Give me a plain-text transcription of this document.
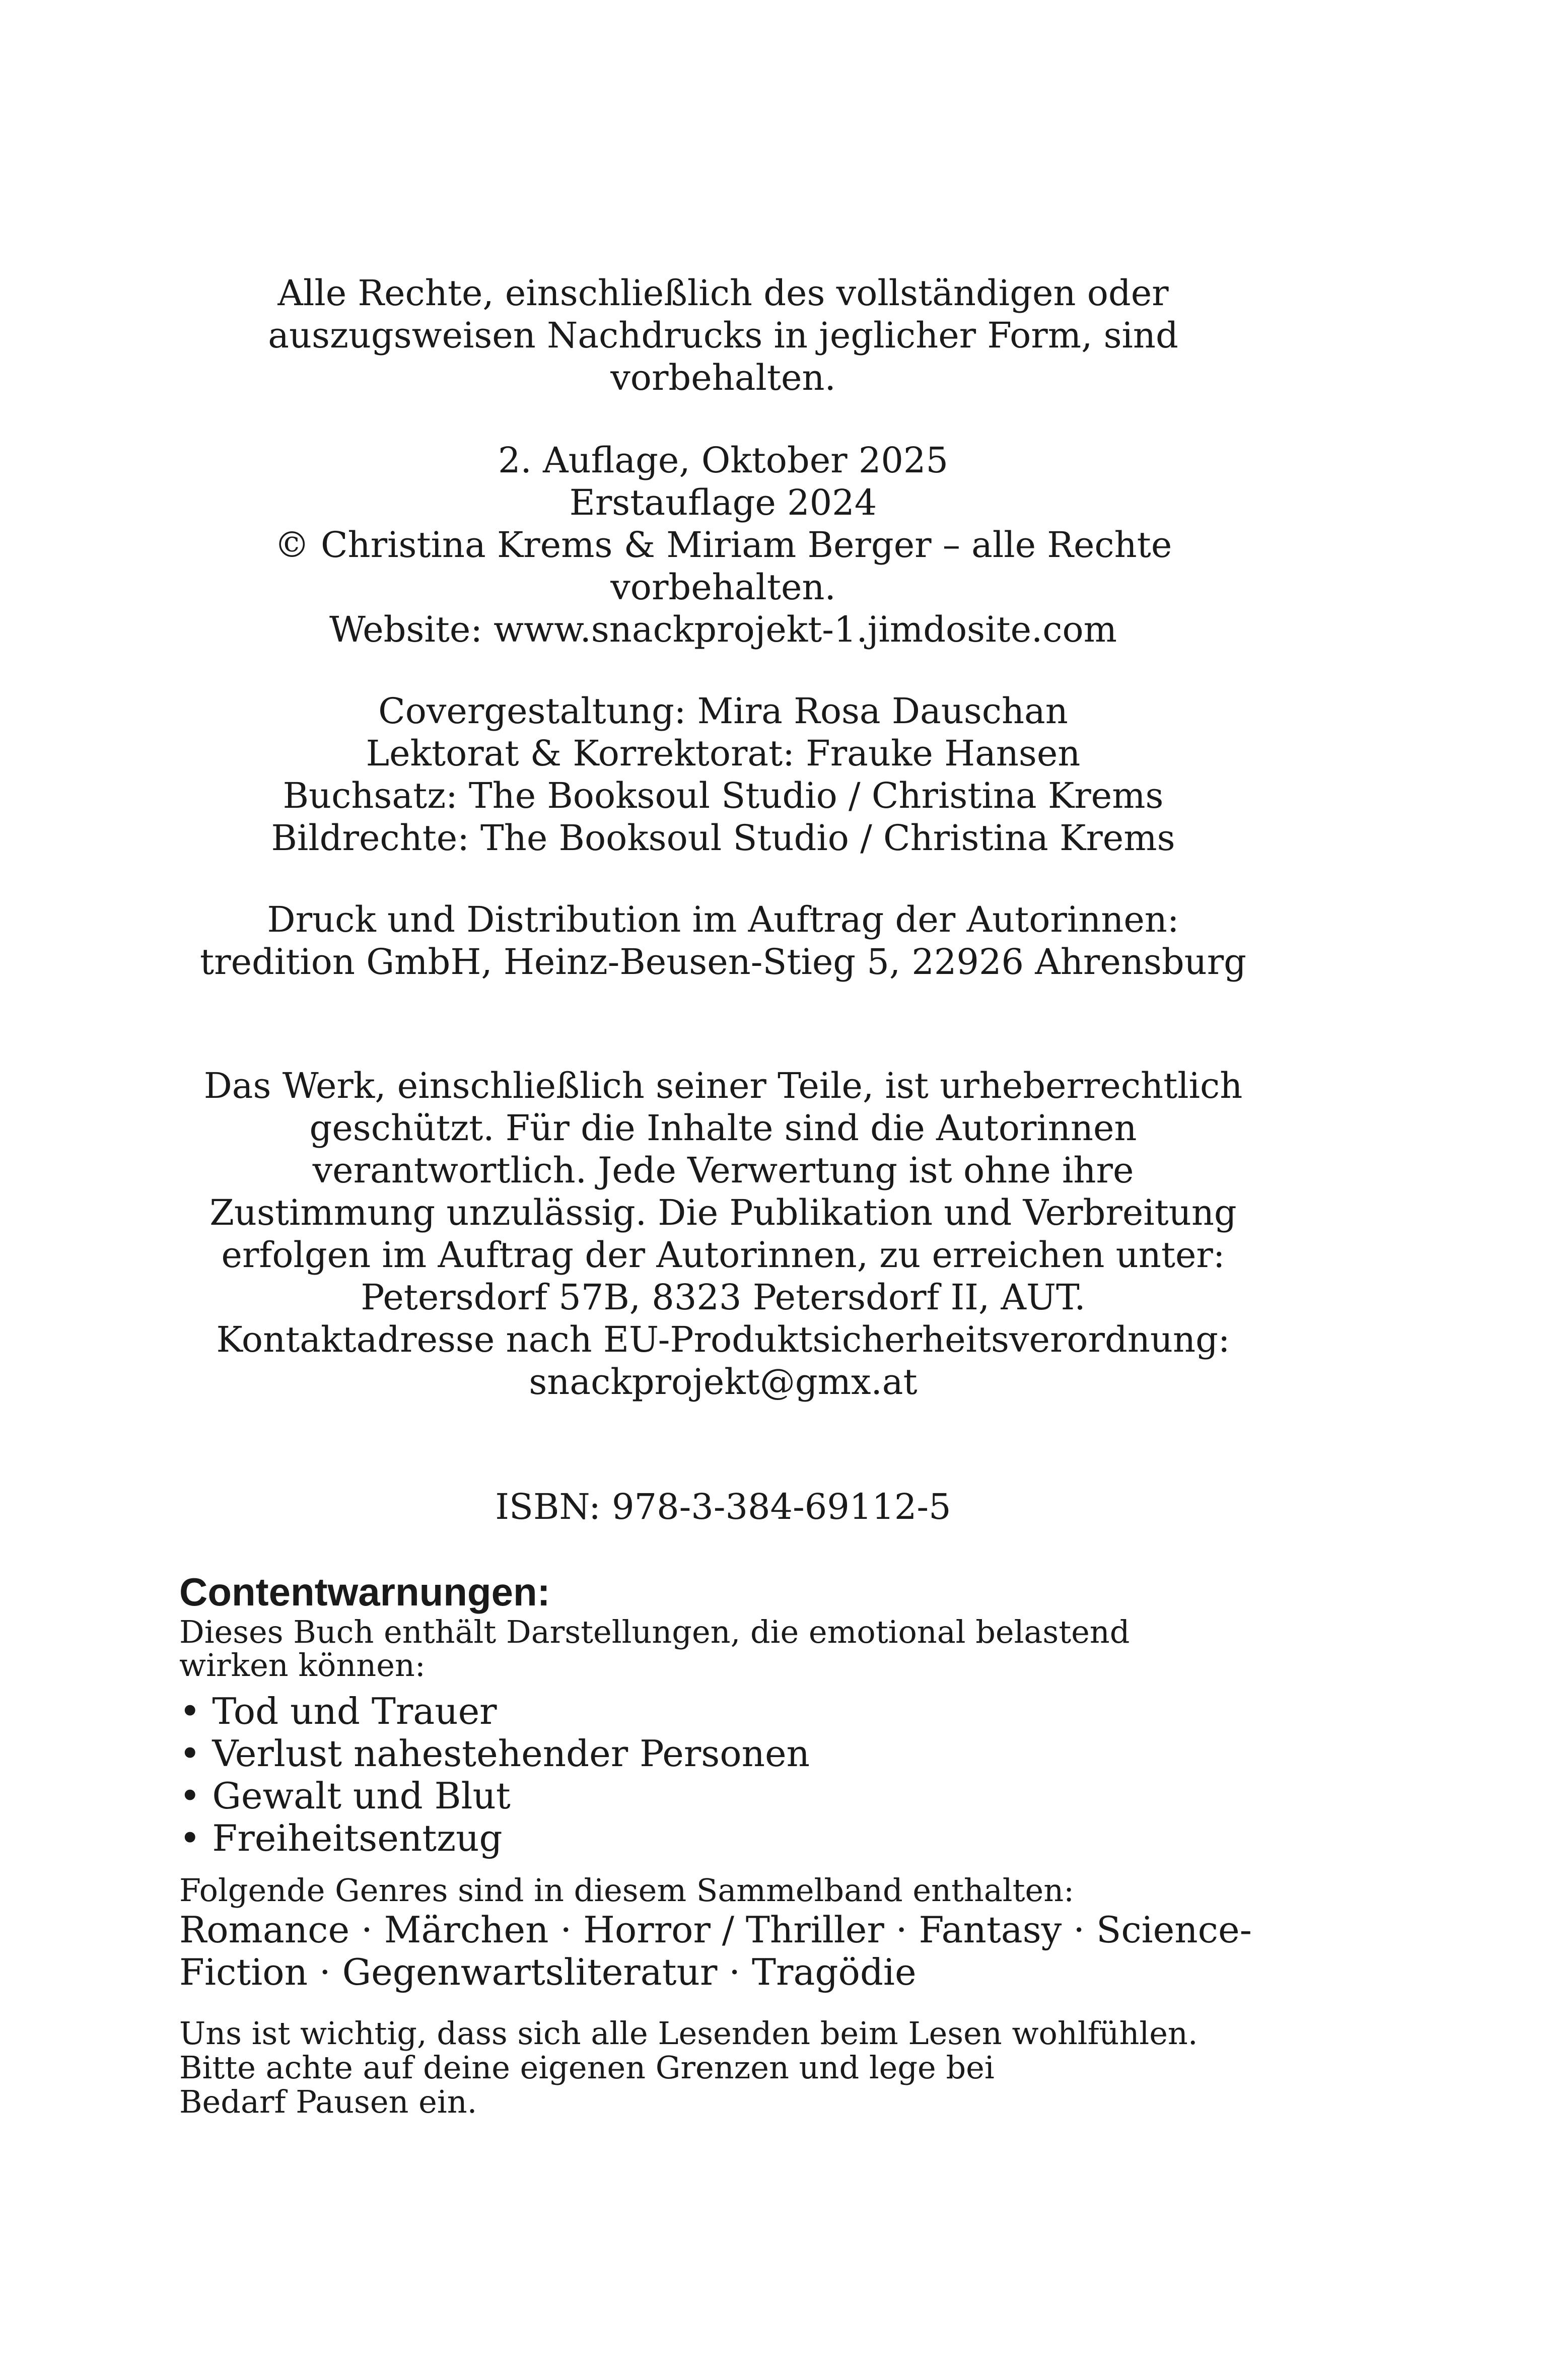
Alle Rechte, einschließlich des vollständigen oder
auszugsweisen Nachdrucks in jeglicher Form, sind
vorbehalten.
2. Auflage, Oktober 2025
Erstauflage 2024
© Christina Krems & Miriam Berger – alle Rechte
vorbehalten.
Website: www.snackprojekt-1.jimdosite.com
Covergestaltung: Mira Rosa Dauschan
Lektorat & Korrektorat: Frauke Hansen
Buchsatz: The Booksoul Studio / Christina Krems
Bildrechte: The Booksoul Studio / Christina Krems
Druck und Distribution im Auftrag der Autorinnen:
tredition GmbH, Heinz-Beusen-Stieg 5, 22926 Ahrensburg
Das Werk, einschließlich seiner Teile, ist urheberrechtlich
geschützt. Für die Inhalte sind die Autorinnen
verantwortlich. Jede Verwertung ist ohne ihre
Zustimmung unzulässig. Die Publikation und Verbreitung
erfolgen im Auftrag der Autorinnen, zu erreichen unter:
Petersdorf 57B, 8323 Petersdorf II, AUT.
Kontaktadresse nach EU-Produktsicherheitsverordnung:
snackprojekt@gmx.at
ISBN: 978-3-384-69112-5
Contentwarnungen:
Dieses Buch enthält Darstellungen, die emotional belastend
wirken können:
• Tod und Trauer
• Verlust nahestehender Personen
• Gewalt und Blut
• Freiheitsentzug
Folgende Genres sind in diesem Sammelband enthalten:
Romance · Märchen · Horror / Thriller · Fantasy · Science-
Fiction · Gegenwartsliteratur · Tragödie
Uns ist wichtig, dass sich alle Lesenden beim Lesen wohlfühlen.
Bitte achte auf deine eigenen Grenzen und lege bei
Bedarf Pausen ein.
